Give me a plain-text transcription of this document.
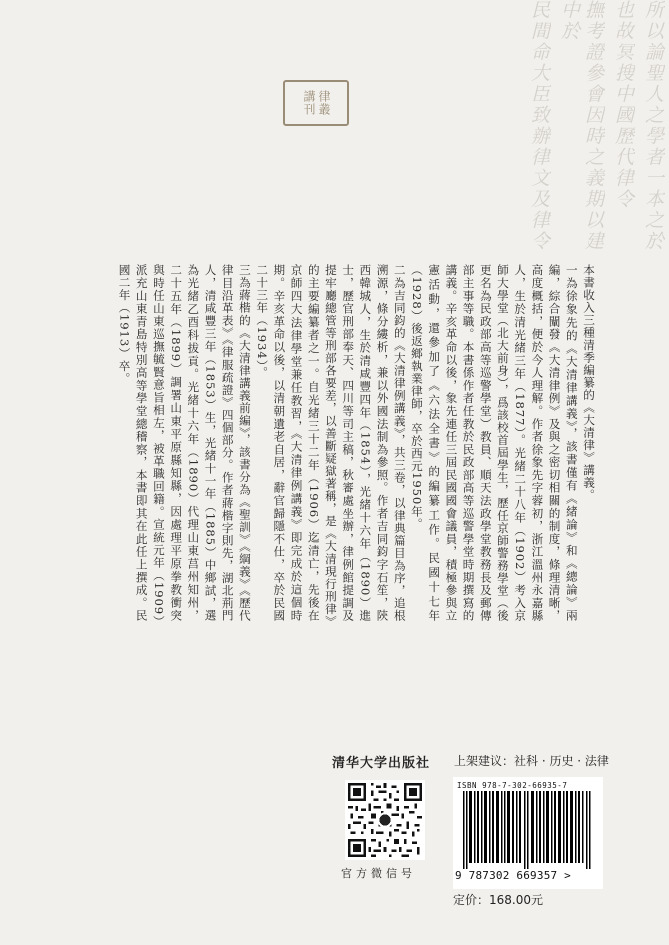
所以論聖人之學者一本之於
也故冥搜中國歷代律令
撫考證參會因時之義期以建中於
民間命大臣致辦律文及律令
講刊 律叢

本書收入三種清季編纂的《大清律》講義。

一為徐象先的《大清律講義》，該書僅有《緒論》和《總論》兩編，綜合闡發《大清律例》及與之密切相關的制度，條理清晰，高度概括，便於今人理解。作者徐象先字蓉初，浙江溫州永嘉縣人，生於清光緒三年（1877）。光緒二十八年（1902）考入京師大學堂（北大前身），爲該校首屆學生，歷任京師警務學堂（後更名為民政部高等巡警學堂）教員、順天法政學堂教務長及郵傳部主事等職。本書係作者任教於民政部高等巡警學堂時期撰寫的講義。辛亥革命以後，象先連任三屆民國國會議員，積極參與立憲活動，還參加了《六法全書》的編纂工作。民國十七年（1928）後返鄉執業律師，卒於西元1950年。

二為吉同鈞的《大清律例講義》，共三卷，以律典篇目為序，追根溯源，條分縷析，兼以外國法制為參照。作者吉同鈞字石笙，陝西韓城人，生於清咸豐四年（1854），光緒十六年（1890）進士，歷官刑部奉天、四川等司主稿，秋審處坐辦，律例館提調及提牢廳總管等刑部各要差，以善斷疑獄著稱，是《大清現行刑律》的主要編纂者之一。自光緒三十二年（1906）迄清亡，先後在京師四大法律學堂兼任教習，《大清律例講義》即完成於這個時期。辛亥革命以後，以清朝遺老自居，辭官歸隱不仕，卒於民國二十三年（1934）。

三為蔣楷的《大清律講義前編》，該書分為《聖訓》《綱義》《歷代律目沿革表》《律服疏證》四個部分。作者蔣楷字則先，湖北荊門人，清咸豐三年（1853）生，光緒十一年（1885）中鄉試，選為光緒乙酉科拔貢。光緒十六年（1890）代理山東莒州知州，二十五年（1899）調署山東平原縣知縣，因處理平原拳教衝突與時任山東巡撫毓賢意旨相左，被革職回籍。宣統元年（1909）派充山東青島特別高等學堂總稽察，本書即其在此任上撰成。民國二年（1913）卒。

清华大学出版社
官方微信号
上架建议：社科 · 历史 · 法律
ISBN 978-7-302-66935-7
9 787302 669357 >
定价：168.00元
